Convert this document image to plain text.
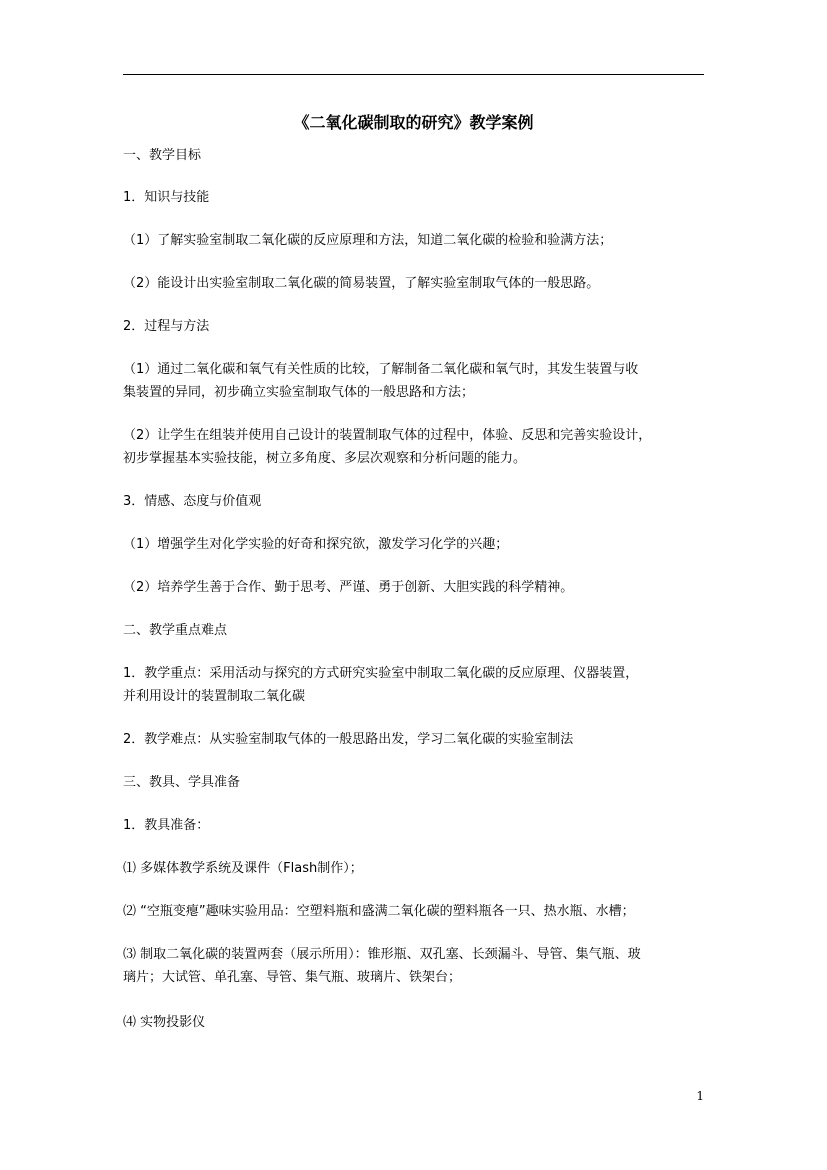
《二氧化碳制取的研究》教学案例
一、教学目标
1．知识与技能
（1）了解实验室制取二氧化碳的反应原理和方法，知道二氧化碳的检验和验满方法；
（2）能设计出实验室制取二氧化碳的简易装置，了解实验室制取气体的一般思路。
2．过程与方法
（1）通过二氧化碳和氧气有关性质的比较，了解制备二氧化碳和氧气时，其发生装置与收
集装置的异同，初步确立实验室制取气体的一般思路和方法；
（2）让学生在组装并使用自己设计的装置制取气体的过程中，体验、反思和完善实验设计，
初步掌握基本实验技能，树立多角度、多层次观察和分析问题的能力。
3．情感、态度与价值观
（1）增强学生对化学实验的好奇和探究欲，激发学习化学的兴趣；
（2）培养学生善于合作、勤于思考、严谨、勇于创新、大胆实践的科学精神。
二、教学重点难点
1．教学重点：采用活动与探究的方式研究实验室中制取二氧化碳的反应原理、仪器装置，
并利用设计的装置制取二氧化碳
2．教学难点：从实验室制取气体的一般思路出发，学习二氧化碳的实验室制法
三、教具、学具准备
1．教具准备：
⑴ 多媒体教学系统及课件（Flash制作）；
⑵ “空瓶变瘪”趣味实验用品：空塑料瓶和盛满二氧化碳的塑料瓶各一只、热水瓶、水槽；
⑶ 制取二氧化碳的装置两套（展示所用）：锥形瓶、双孔塞、长颈漏斗、导管、集气瓶、玻
璃片；大试管、单孔塞、导管、集气瓶、玻璃片、铁架台；
⑷ 实物投影仪
1
